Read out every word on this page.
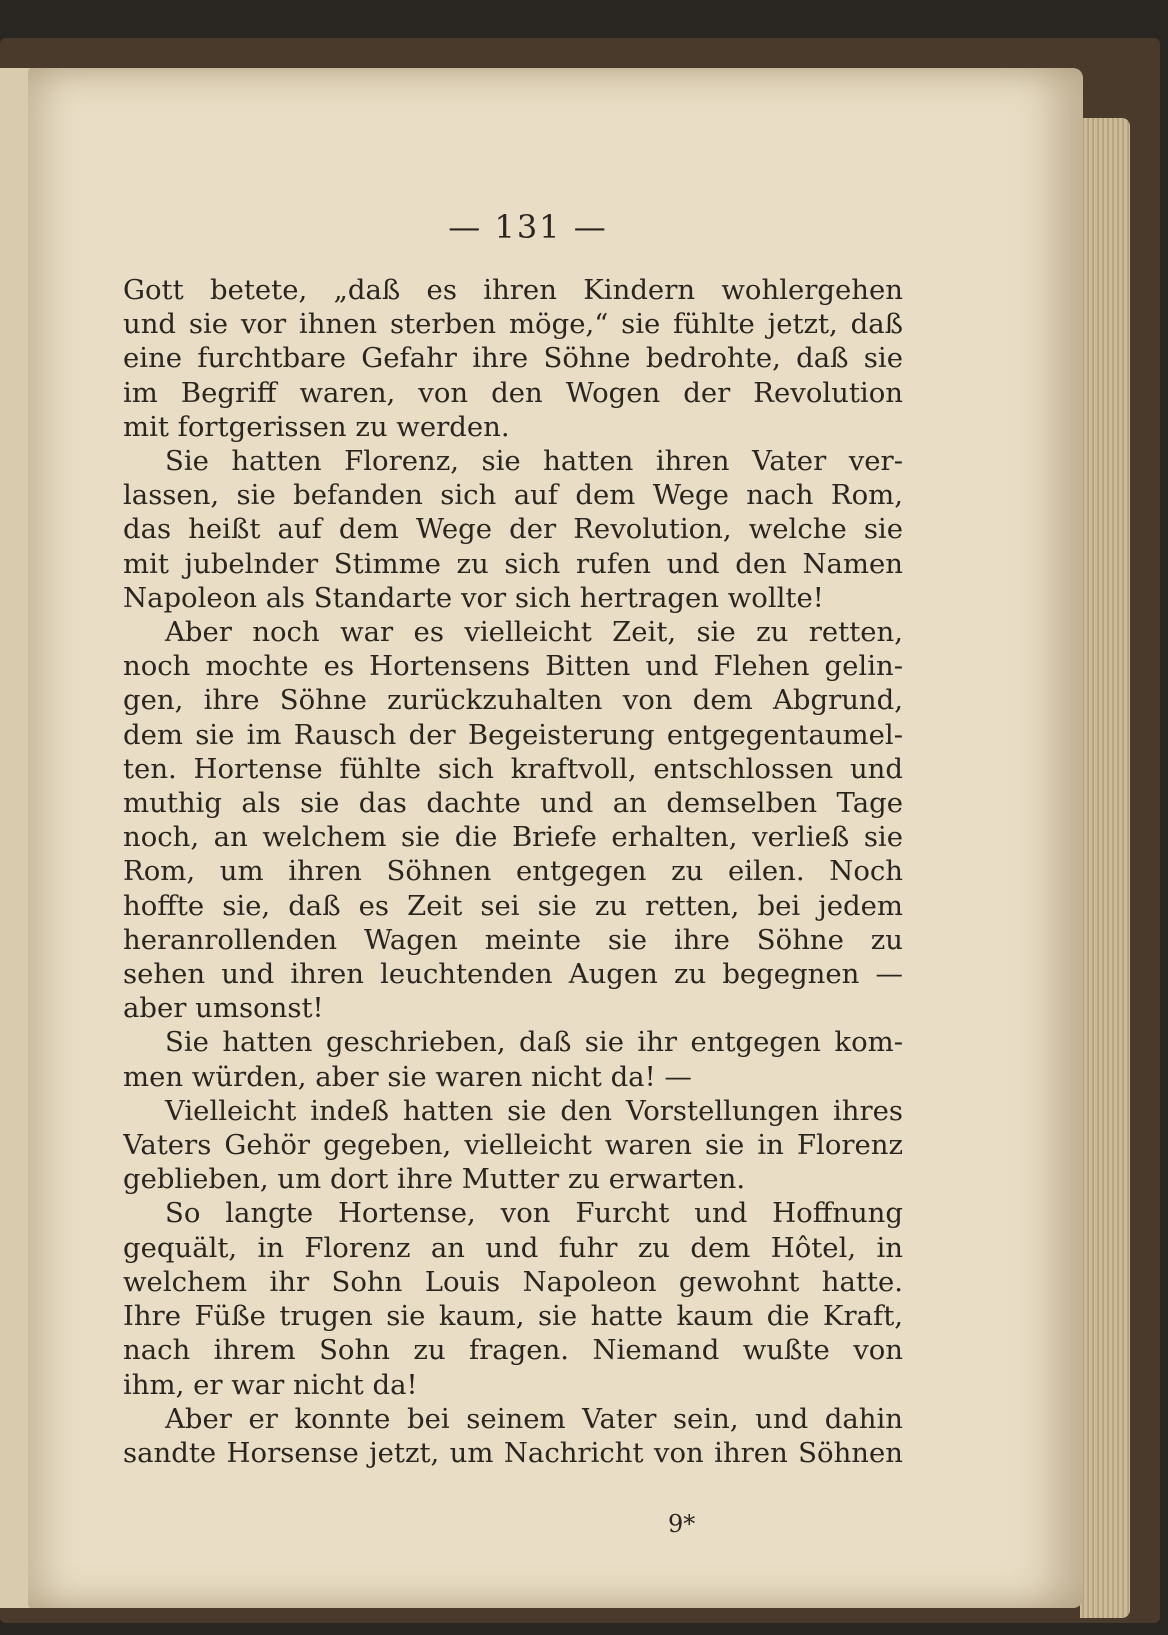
— 131 —
Gott betete, „daß es ihren Kindern wohlergehen
und sie vor ihnen sterben möge,“ sie fühlte jetzt, daß
eine furchtbare Gefahr ihre Söhne bedrohte, daß sie
im Begriff waren, von den Wogen der Revolution
mit fortgerissen zu werden.
Sie hatten Florenz, sie hatten ihren Vater ver-
lassen, sie befanden sich auf dem Wege nach Rom,
das heißt auf dem Wege der Revolution, welche sie
mit jubelnder Stimme zu sich rufen und den Namen
Napoleon als Standarte vor sich hertragen wollte!
Aber noch war es vielleicht Zeit, sie zu retten,
noch mochte es Hortensens Bitten und Flehen gelin-
gen, ihre Söhne zurückzuhalten von dem Abgrund,
dem sie im Rausch der Begeisterung entgegentaumel-
ten. Hortense fühlte sich kraftvoll, entschlossen und
muthig als sie das dachte und an demselben Tage
noch, an welchem sie die Briefe erhalten, verließ sie
Rom, um ihren Söhnen entgegen zu eilen. Noch
hoffte sie, daß es Zeit sei sie zu retten, bei jedem
heranrollenden Wagen meinte sie ihre Söhne zu
sehen und ihren leuchtenden Augen zu begegnen —
aber umsonst!
Sie hatten geschrieben, daß sie ihr entgegen kom-
men würden, aber sie waren nicht da! —
Vielleicht indeß hatten sie den Vorstellungen ihres
Vaters Gehör gegeben, vielleicht waren sie in Florenz
geblieben, um dort ihre Mutter zu erwarten.
So langte Hortense, von Furcht und Hoffnung
gequält, in Florenz an und fuhr zu dem Hôtel, in
welchem ihr Sohn Louis Napoleon gewohnt hatte.
Ihre Füße trugen sie kaum, sie hatte kaum die Kraft,
nach ihrem Sohn zu fragen. Niemand wußte von
ihm, er war nicht da!
Aber er konnte bei seinem Vater sein, und dahin
sandte Horsense jetzt, um Nachricht von ihren Söhnen
9*
